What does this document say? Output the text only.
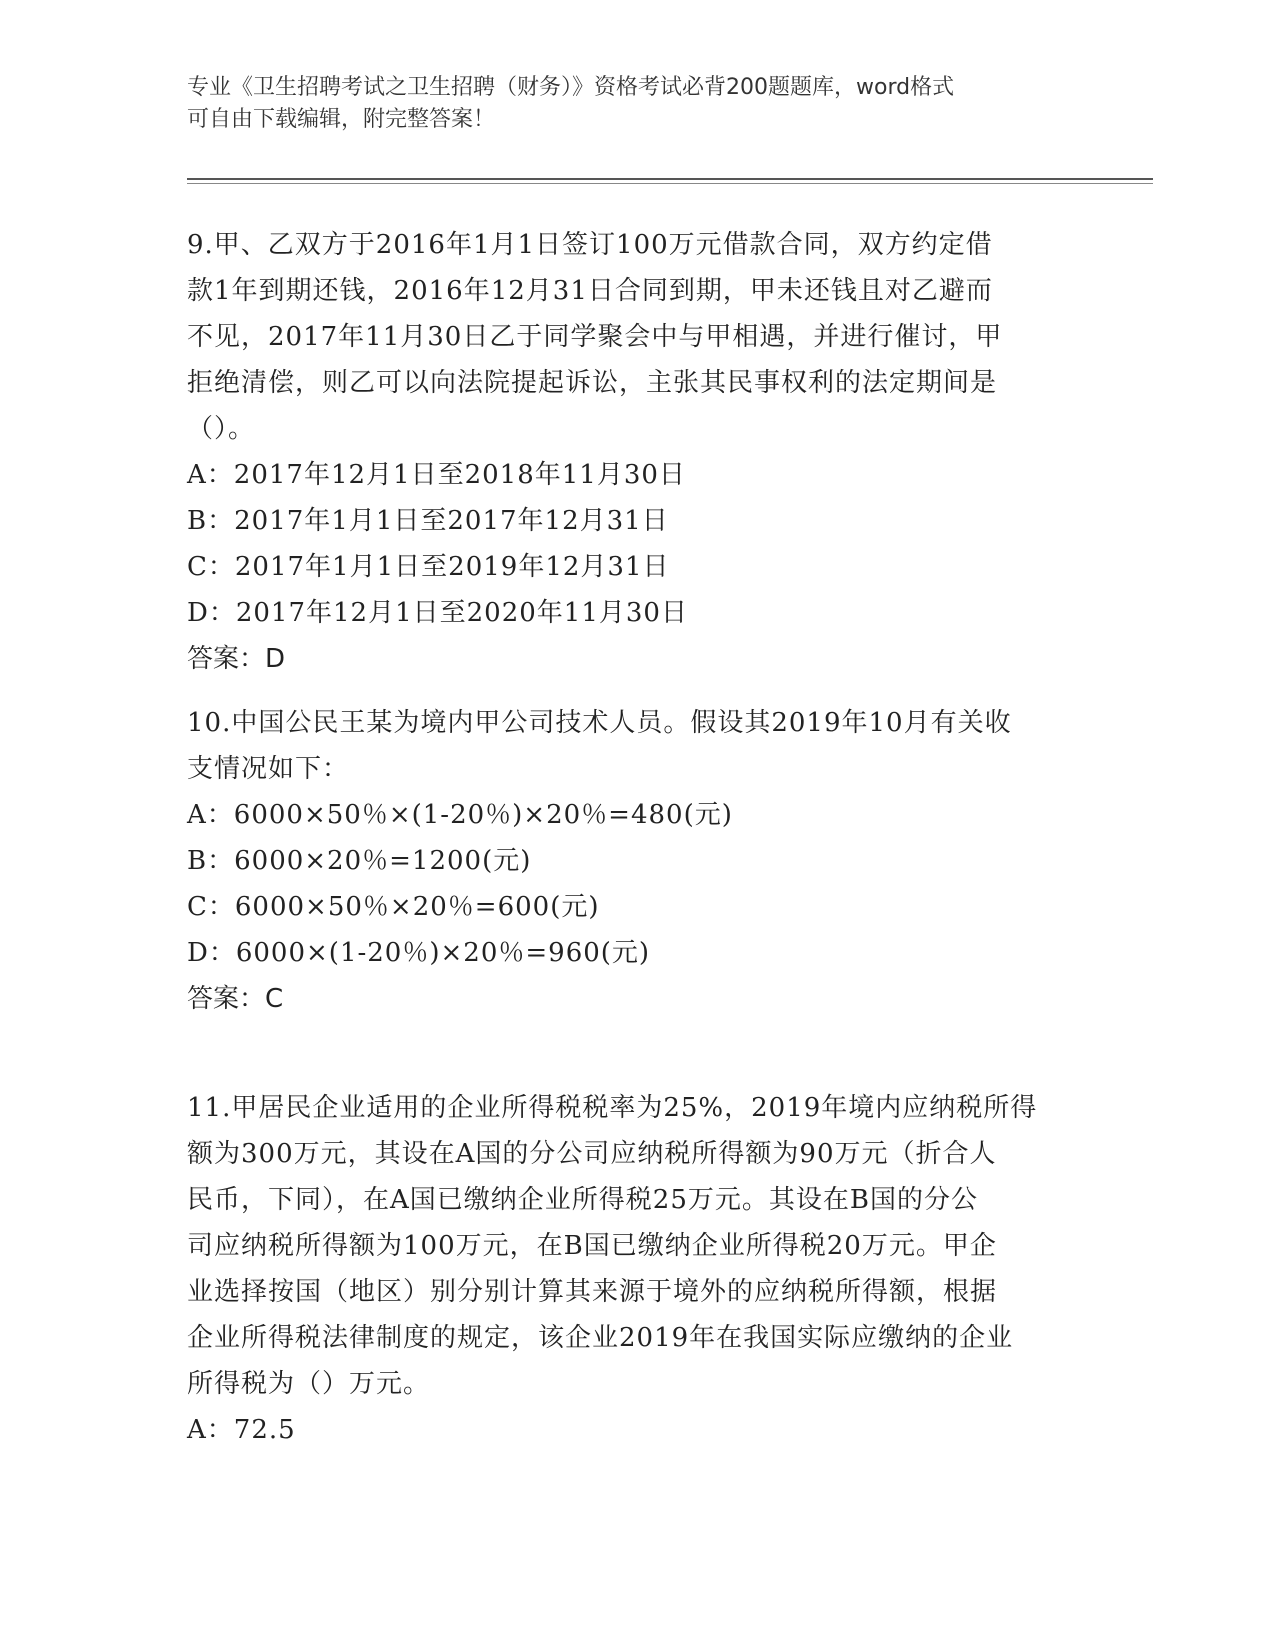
专业《卫生招聘考试之卫生招聘（财务）》资格考试必背200题题库，word格式

可自由下载编辑，附完整答案！

9.甲、乙双方于2016年1月1日签订100万元借款合同，双方约定借

款1年到期还钱，2016年12月31日合同到期，甲未还钱且对乙避而

不见，2017年11月30日乙于同学聚会中与甲相遇，并进行催讨，甲

拒绝清偿，则乙可以向法院提起诉讼，主张其民事权利的法定期间是

（）。

A：2017年12月1日至2018年11月30日

B：2017年1月1日至2017年12月31日

C：2017年1月1日至2019年12月31日

D：2017年12月1日至2020年11月30日

答案：D

10.中国公民王某为境内甲公司技术人员。假设其2019年10月有关收

支情况如下：

A：6000×50％×(1-20％)×20％=480(元)

B：6000×20％=1200(元)

C：6000×50％×20％=600(元)

D：6000×(1-20％)×20％=960(元)

答案：C

11.甲居民企业适用的企业所得税税率为25%，2019年境内应纳税所得

额为300万元，其设在A国的分公司应纳税所得额为90万元（折合人

民币，下同），在A国已缴纳企业所得税25万元。其设在B国的分公

司应纳税所得额为100万元，在B国已缴纳企业所得税20万元。甲企

业选择按国（地区）别分别计算其来源于境外的应纳税所得额，根据

企业所得税法律制度的规定，该企业2019年在我国实际应缴纳的企业

所得税为（）万元。

A：72.5
